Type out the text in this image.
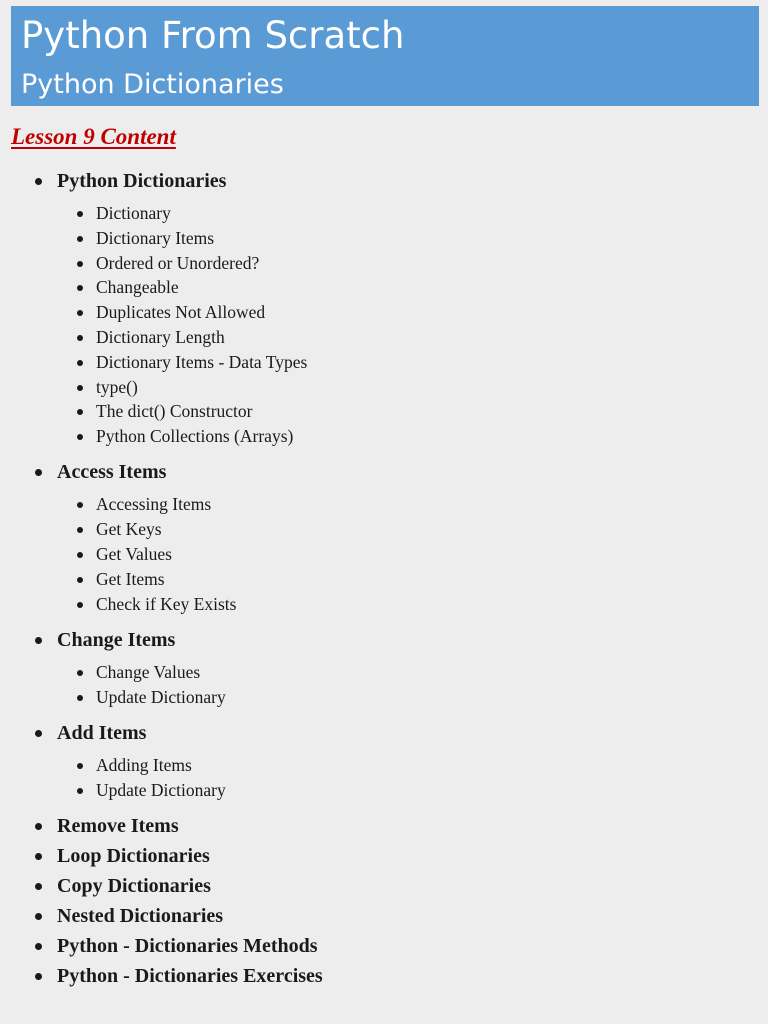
Python From Scratch
Python Dictionaries
Lesson 9 Content
Python Dictionaries
Dictionary
Dictionary Items
Ordered or Unordered?
Changeable
Duplicates Not Allowed
Dictionary Length
Dictionary Items - Data Types
type()
The dict() Constructor
Python Collections (Arrays)
Access Items
Accessing Items
Get Keys
Get Values
Get Items
Check if Key Exists
Change Items
Change Values
Update Dictionary
Add Items
Adding Items
Update Dictionary
Remove Items
Loop Dictionaries
Copy Dictionaries
Nested Dictionaries
Python - Dictionaries Methods
Python - Dictionaries Exercises
